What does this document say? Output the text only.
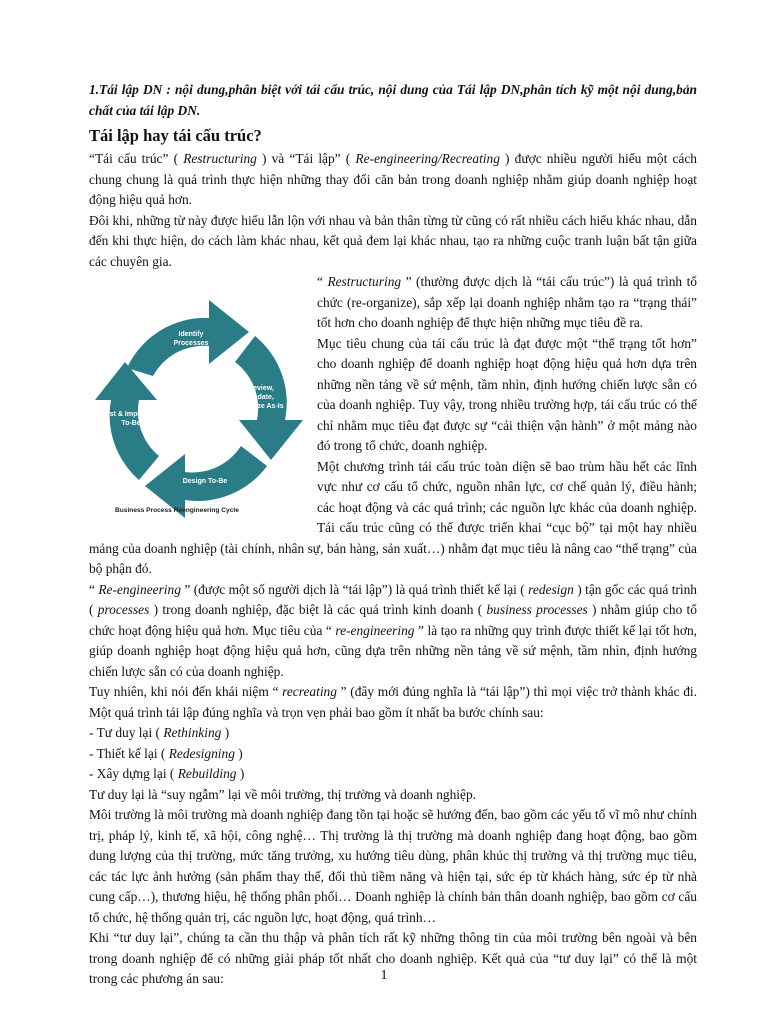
1.Tái lập DN : nội dung,phân biệt với tái cấu trúc, nội dung của Tái lập DN,phân tích kỹ một nội dung,bản chất của tái lập DN.

Tái lập hay tái cấu trúc?

“Tái cấu trúc” ( Restructuring ) và “Tái lập” ( Re-engineering/Recreating ) được nhiều người hiểu một cách chung chung là quá trình thực hiện những thay đổi căn bản trong doanh nghiệp nhằm giúp doanh nghiệp hoạt động hiệu quả hơn.

Đôi khi, những từ này được hiểu lẫn lộn với nhau và bản thân từng từ cũng có rất nhiều cách hiểu khác nhau, dẫn đến khi thực hiện, do cách làm khác nhau, kết quả đem lại khác nhau, tạo ra những cuộc tranh luận bất tận giữa các chuyên gia.

Identify
Processes
Review,
Update,
Analyze As-Is
Design To-Be
Test & Implement
To-Be
Business Process Reengineering Cycle

“ Restructuring ” (thường được dịch là “tái cấu trúc”) là quá trình tổ chức (re-organize), sắp xếp lại doanh nghiệp nhằm tạo ra “trạng thái” tốt hơn cho doanh nghiệp để thực hiện những mục tiêu đề ra.

Mục tiêu chung của tái cấu trúc là đạt được một “thể trạng tốt hơn” cho doanh nghiệp để doanh nghiệp hoạt động hiệu quả hơn dựa trên những nền tảng về sứ mệnh, tầm nhìn, định hướng chiến lược sẵn có của doanh nghiệp. Tuy vậy, trong nhiều trường hợp, tái cấu trúc có thể chỉ nhằm mục tiêu đạt được sự “cải thiện vận hành” ở một mảng nào đó trong tổ chức, doanh nghiệp.

Một chương trình tái cấu trúc toàn diện sẽ bao trùm hầu hết các lĩnh vực như cơ cấu tổ chức, nguồn nhân lực, cơ chế quản lý, điều hành; các hoạt động và các quá trình; các nguồn lực khác của doanh nghiệp. Tái cấu trúc cũng có thể được triển khai “cục bộ” tại một hay nhiều mảng của doanh nghiệp (tài chính, nhân sự, bán hàng, sản xuất…) nhằm đạt mục tiêu là nâng cao “thể trạng” của bộ phận đó.

“ Re-engineering ” (được một số người dịch là “tái lập”) là quá trình thiết kế lại ( redesign ) tận gốc các quá trình ( processes ) trong doanh nghiệp, đặc biệt là các quá trình kinh doanh ( business processes ) nhằm giúp cho tổ chức hoạt động hiệu quả hơn. Mục tiêu của “ re-engineering ” là tạo ra những quy trình được thiết kế lại tốt hơn, giúp doanh nghiệp hoạt động hiệu quả hơn, cũng dựa trên những nền tảng về sứ mệnh, tầm nhìn, định hướng chiến lược sẵn có của doanh nghiệp.

Tuy nhiên, khi nói đến khái niệm “ recreating ” (đây mới đúng nghĩa là “tái lập”) thì mọi việc trở thành khác đi. Một quá trình tái lập đúng nghĩa và trọn vẹn phải bao gồm ít nhất ba bước chính sau:

- Tư duy lại ( Rethinking )

- Thiết kế lại ( Redesigning )

- Xây dựng lại ( Rebuilding )

Tư duy lại là “suy ngẫm” lại về môi trường, thị trường và doanh nghiệp.

Môi trường là môi trường mà doanh nghiệp đang tồn tại hoặc sẽ hướng đến, bao gồm các yếu tố vĩ mô như chính trị, pháp lý, kinh tế, xã hội, công nghệ… Thị trường là thị trường mà doanh nghiệp đang hoạt động, bao gồm dung lượng của thị trường, mức tăng trưởng, xu hướng tiêu dùng, phân khúc thị trường và thị trường mục tiêu, các tác lực ảnh hưởng (sản phẩm thay thế, đối thủ tiềm năng và hiện tại, sức ép từ khách hàng, sức ép từ nhà cung cấp…), thương hiệu, hệ thống phân phối… Doanh nghiệp là chính bản thân doanh nghiệp, bao gồm cơ cấu tổ chức, hệ thống quản trị, các nguồn lực, hoạt động, quá trình…

Khi “tư duy lại”, chúng ta cần thu thập và phân tích rất kỹ những thông tin của môi trường bên ngoài và bên trong doanh nghiệp để có những giải pháp tốt nhất cho doanh nghiệp. Kết quả của “tư duy lại” có thể là một trong các phương án sau:	1
